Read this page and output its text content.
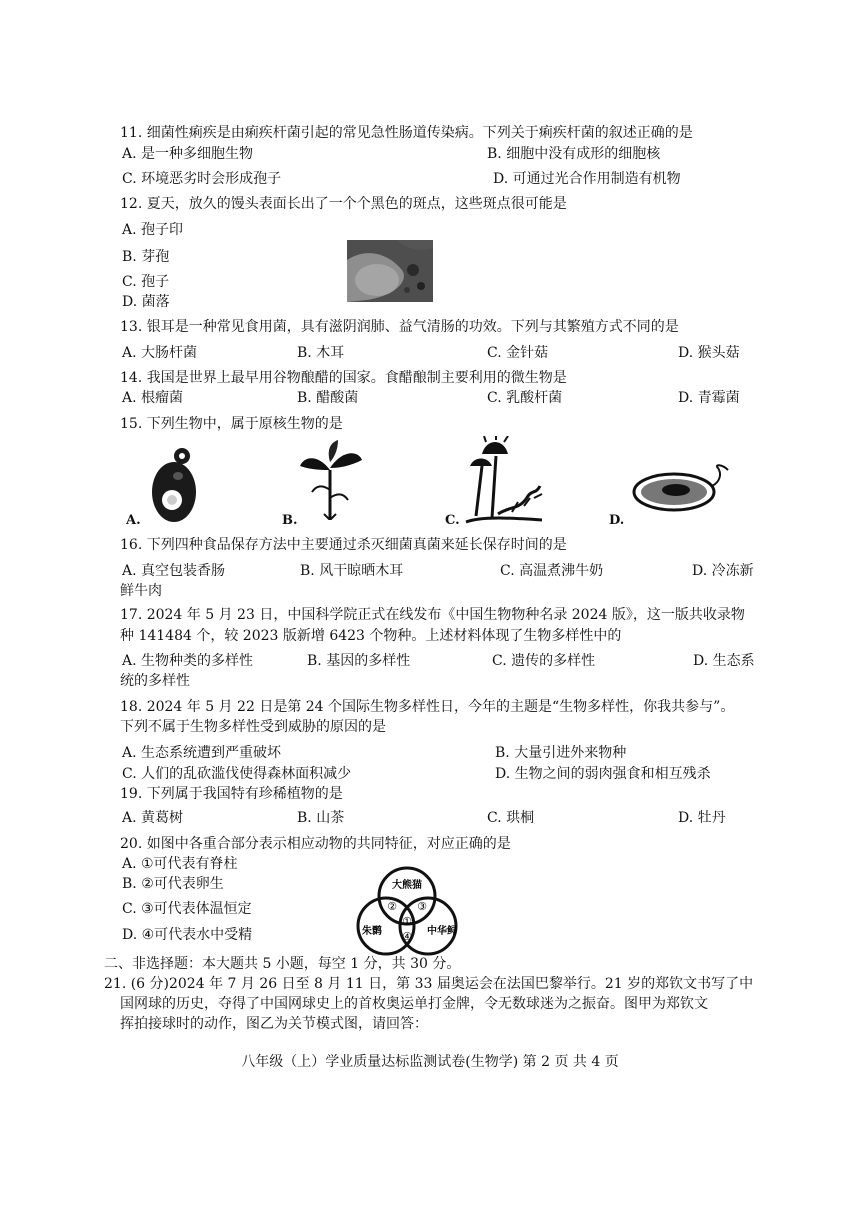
11. 细菌性痢疾是由痢疾杆菌引起的常见急性肠道传染病。下列关于痢疾杆菌的叙述正确的是
A. 是一种多细胞生物	B. 细胞中没有成形的细胞核
C. 环境恶劣时会形成孢子	D. 可通过光合作用制造有机物
12. 夏天，放久的馒头表面长出了一个个黑色的斑点，这些斑点很可能是
A. 孢子印
B. 芽孢
C. 孢子
D. 菌落
13. 银耳是一种常见食用菌，具有滋阴润肺、益气清肠的功效。下列与其繁殖方式不同的是
A. 大肠杆菌	B. 木耳	C. 金针菇	D. 猴头菇
14. 我国是世界上最早用谷物酿醋的国家。食醋酿制主要利用的微生物是
A. 根瘤菌	B. 醋酸菌	C. 乳酸杆菌	D. 青霉菌
15. 下列生物中，属于原核生物的是
A.	B.	C.	D.
16. 下列四种食品保存方法中主要通过杀灭细菌真菌来延长保存时间的是
A. 真空包装香肠	B. 风干晾晒木耳	C. 高温煮沸牛奶	D. 冷冻新
鲜牛肉
17. 2024 年 5 月 23 日，中国科学院正式在线发布《中国生物物种名录 2024 版》，这一版共收录物
种 141484 个，较 2023 版新增 6423 个物种。上述材料体现了生物多样性中的
A. 生物种类的多样性	B. 基因的多样性	C. 遗传的多样性	D. 生态系
统的多样性
18. 2024 年 5 月 22 日是第 24 个国际生物多样性日，今年的主题是“生物多样性，你我共参与”。
下列不属于生物多样性受到威胁的原因的是
A. 生态系统遭到严重破坏	B. 大量引进外来物种
C. 人们的乱砍滥伐使得森林面积减少	D. 生物之间的弱肉强食和相互残杀
19. 下列属于我国特有珍稀植物的是
A. 黄葛树	B. 山茶	C. 珙桐	D. 牡丹
20. 如图中各重合部分表示相应动物的共同特征，对应正确的是
A. ①可代表有脊柱
B. ②可代表卵生
C. ③可代表体温恒定
D. ④可代表水中受精
大熊猫
朱鹮	中华鲟
①
② ③
④
二、非选择题：本大题共 5 小题，每空 1 分，共 30 分。
21. (6 分)2024 年 7 月 26 日至 8 月 11 日，第 33 届奥运会在法国巴黎举行。21 岁的郑钦文书写了中
国网球的历史，夺得了中国网球史上的首枚奥运单打金牌，令无数球迷为之振奋。图甲为郑钦文
挥拍接球时的动作，图乙为关节模式图，请回答：
八年级（上）学业质量达标监测试卷(生物学) 第 2 页 共 4 页
